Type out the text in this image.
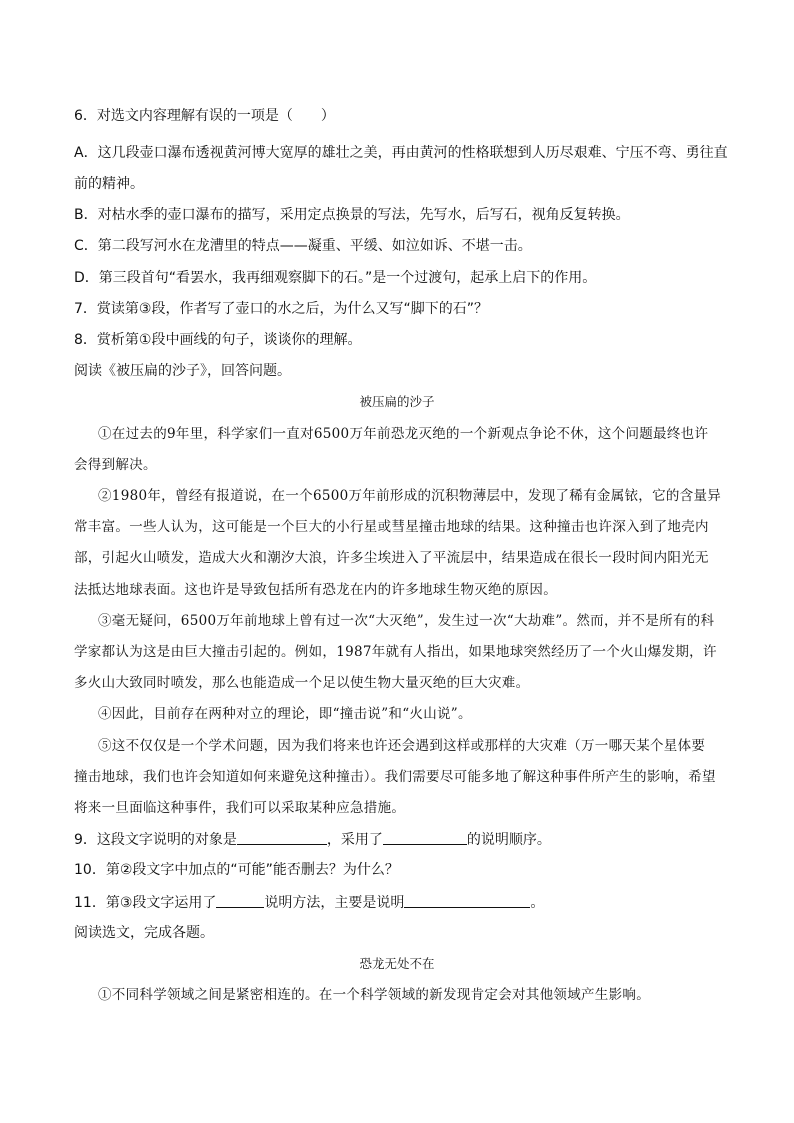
6．对选文内容理解有误的一项是（　　）
A．这几段壶口瀑布透视黄河博大宽厚的雄壮之美，再由黄河的性格联想到人历尽艰难、宁压不弯、勇往直
前的精神。
B．对枯水季的壶口瀑布的描写，采用定点换景的写法，先写水，后写石，视角反复转换。
C．第二段写河水在龙漕里的特点——凝重、平缓、如泣如诉、不堪一击。
D．第三段首句“看罢水，我再细观察脚下的石。”是一个过渡句，起承上启下的作用。
7．赏读第③段，作者写了壶口的水之后，为什么又写“脚下的石”？
8．赏析第①段中画线的句子，谈谈你的理解。
阅读《被压扁的沙子》，回答问题。
被压扁的沙子
①在过去的9年里，科学家们一直对6500万年前恐龙灭绝的一个新观点争论不休，这个问题最终也许
会得到解决。
②1980年，曾经有报道说，在一个6500万年前形成的沉积物薄层中，发现了稀有金属铱，它的含量异
常丰富。一些人认为，这可能是一个巨大的小行星或彗星撞击地球的结果。这种撞击也许深入到了地壳内
部，引起火山喷发，造成大火和潮汐大浪，许多尘埃进入了平流层中，结果造成在很长一段时间内阳光无
法抵达地球表面。这也许是导致包括所有恐龙在内的许多地球生物灭绝的原因。
③毫无疑问，6500万年前地球上曾有过一次“大灭绝”，发生过一次“大劫难”。然而，并不是所有的科
学家都认为这是由巨大撞击引起的。例如，1987年就有人指出，如果地球突然经历了一个火山爆发期，许
多火山大致同时喷发，那么也能造成一个足以使生物大量灭绝的巨大灾难。
④因此，目前存在两种对立的理论，即“撞击说”和“火山说”。
⑤这不仅仅是一个学术问题，因为我们将来也许还会遇到这样或那样的大灾难（万一哪天某个星体要
撞击地球，我们也许会知道如何来避免这种撞击）。我们需要尽可能多地了解这种事件所产生的影响，希望
将来一旦面临这种事件，我们可以采取某种应急措施。
9．这段文字说明的对象是	，采用了	的说明顺序。
10．第②段文字中加点的“可能”能否删去？为什么？
11．第③段文字运用了	说明方法，主要是说明	。
阅读选文，完成各题。
恐龙无处不在
①不同科学领域之间是紧密相连的。在一个科学领域的新发现肯定会对其他领域产生影响。
